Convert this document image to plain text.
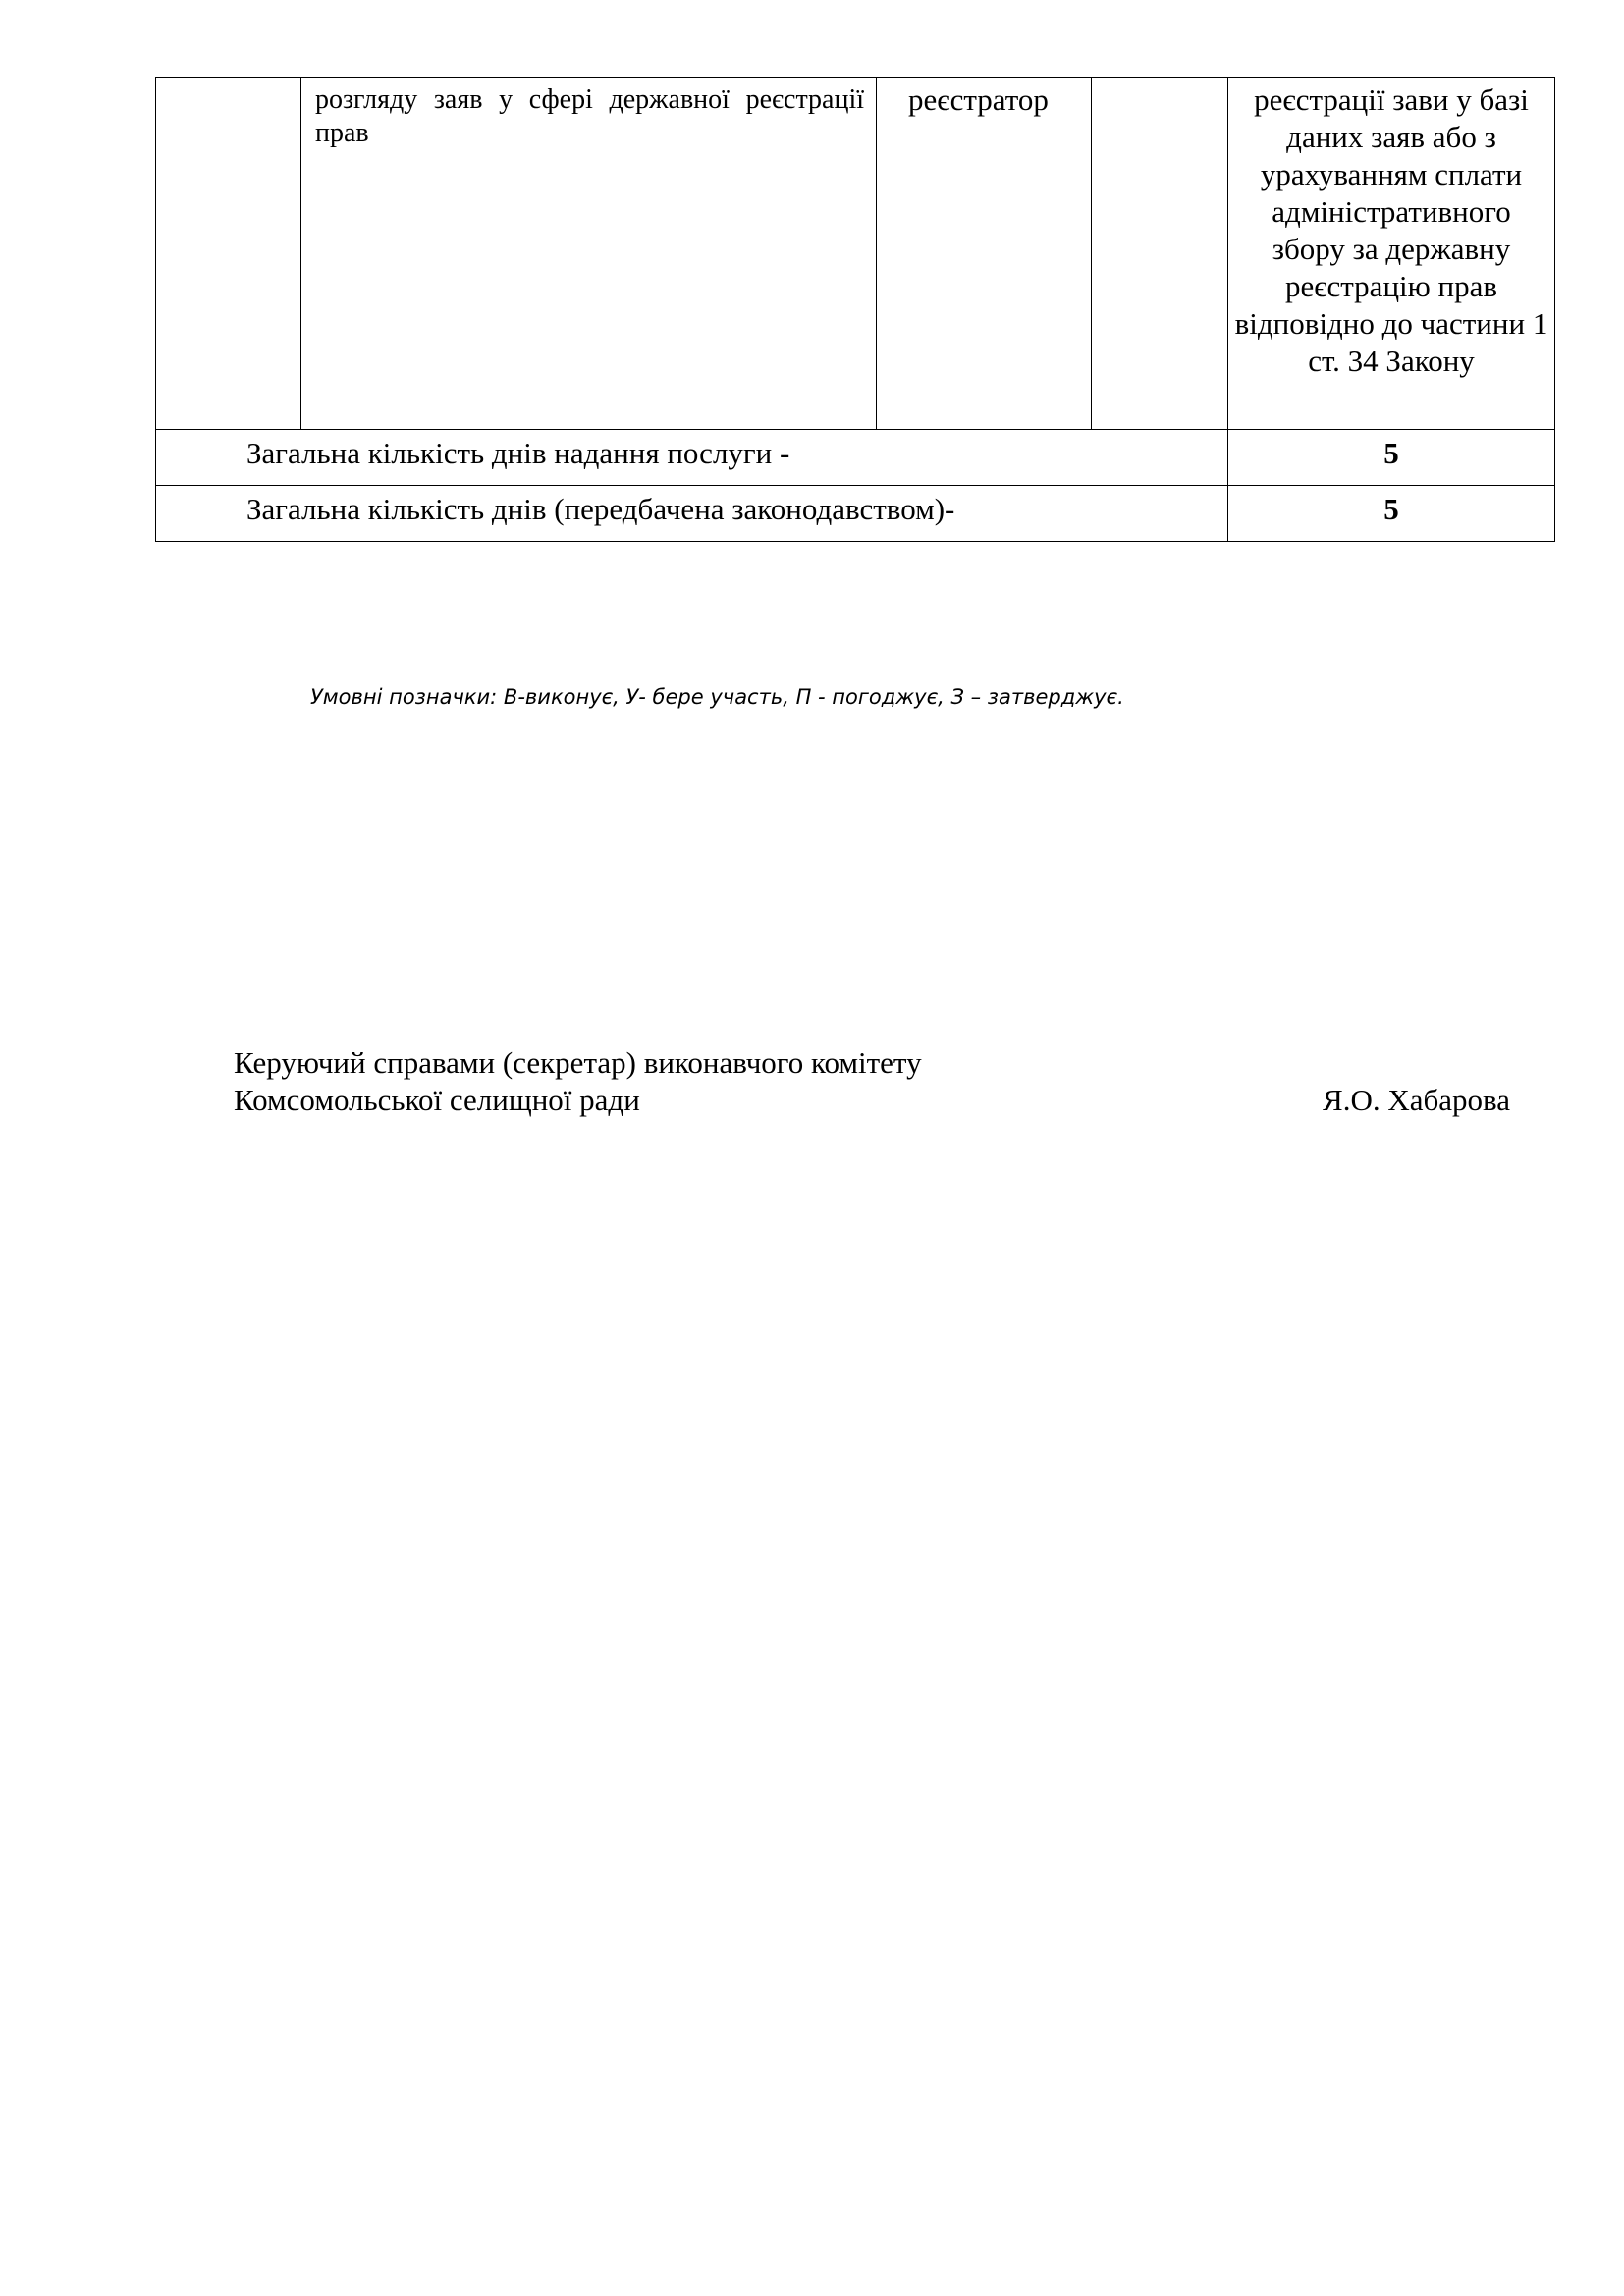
	розгляду заяв у сфері державної реєстрації прав	реєстратор		реєстрації зави у базі даних заяв або з урахуванням сплати адміністративного збору за державну реєстрацію прав відповідно до частини 1 ст. 34 Закону
Загальна кількість днів надання послуги -				5
Загальна кількість днів (передбачена законодавством)-				5
Умовні позначки: В-виконує, У- бере участь, П - погоджує, З – затверджує.
Керуючий справами (секретар) виконавчого комітету
Комсомольської селищної ради	Я.О. Хабарова
